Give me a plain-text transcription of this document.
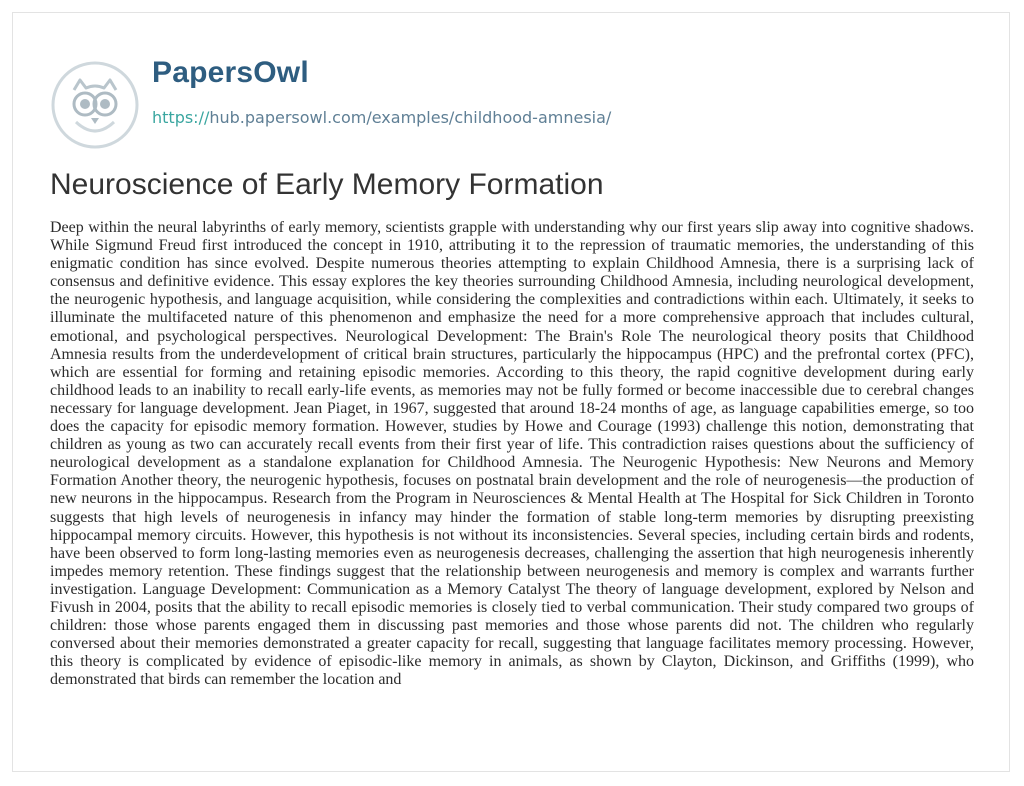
PapersOwl
https://hub.papersowl.com/examples/childhood-amnesia/
Neuroscience of Early Memory Formation

Deep within the neural labyrinths of early memory, scientists grapple with understanding why our first years slip away into cognitive shadows. While Sigmund Freud first introduced the concept in 1910, attributing it to the repression of traumatic memories, the understanding of this enigmatic condition has since evolved. Despite numerous theories attempting to explain Childhood Amnesia, there is a surprising lack of consensus and definitive evidence. This essay explores the key theories surrounding Childhood Amnesia, including neurological development, the neurogenic hypothesis, and language acquisition, while considering the complexities and contradictions within each. Ultimately, it seeks to illuminate the multifaceted nature of this phenomenon and emphasize the need for a more comprehensive approach that includes cultural, emotional, and psychological perspectives. Neurological Development: The Brain's Role The neurological theory posits that Childhood Amnesia results from the underdevelopment of critical brain structures, particularly the hippocampus (HPC) and the prefrontal cortex (PFC), which are essential for forming and retaining episodic memories. According to this theory, the rapid cognitive development during early childhood leads to an inability to recall early-life events, as memories may not be fully formed or become inaccessible due to cerebral changes necessary for language development. Jean Piaget, in 1967, suggested that around 18-24 months of age, as language capabilities emerge, so too does the capacity for episodic memory formation. However, studies by Howe and Courage (1993) challenge this notion, demonstrating that children as young as two can accurately recall events from their first year of life. This contradiction raises questions about the sufficiency of neurological development as a standalone explanation for Childhood Amnesia. The Neurogenic Hypothesis: New Neurons and Memory Formation Another theory, the neurogenic hypothesis, focuses on postnatal brain development and the role of neurogenesis—the production of new neurons in the hippocampus. Research from the Program in Neurosciences & Mental Health at The Hospital for Sick Children in Toronto suggests that high levels of neurogenesis in infancy may hinder the formation of stable long-term memories by disrupting preexisting hippocampal memory circuits. However, this hypothesis is not without its inconsistencies. Several species, including certain birds and rodents, have been observed to form long-lasting memories even as neurogenesis decreases, challenging the assertion that high neurogenesis inherently impedes memory retention. These findings suggest that the relationship between neurogenesis and memory is complex and warrants further investigation. Language Development: Communication as a Memory Catalyst The theory of language development, explored by Nelson and Fivush in 2004, posits that the ability to recall episodic memories is closely tied to verbal communication. Their study compared two groups of children: those whose parents engaged them in discussing past memories and those whose parents did not. The children who regularly conversed about their memories demonstrated a greater capacity for recall, suggesting that language facilitates memory processing. However, this theory is complicated by evidence of episodic-like memory in animals, as shown by Clayton, Dickinson, and Griffiths (1999), who demonstrated that birds can remember the location and
